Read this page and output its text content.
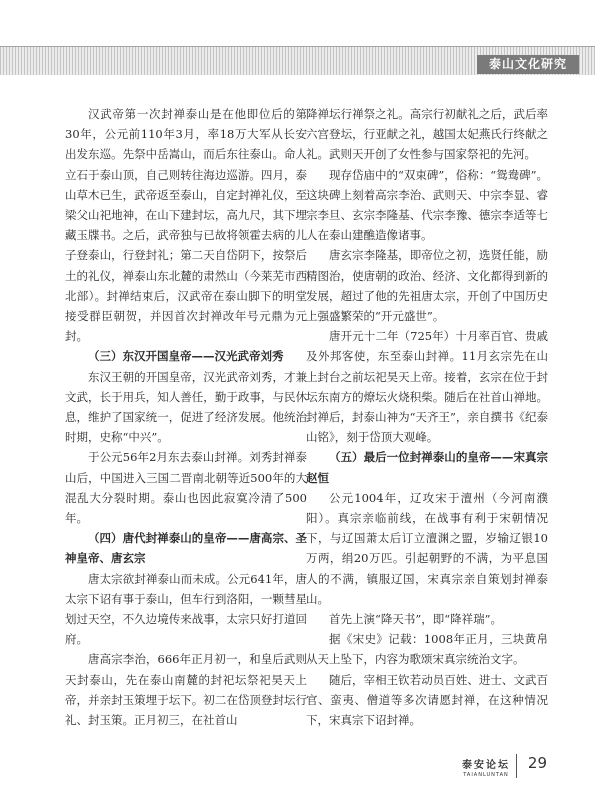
泰山文化研究

汉武帝第一次封禅泰山是在他即位后的第30年，公元前110年3月，率18万大军从长安出发东巡。先祭中岳嵩山，而后东往泰山。命人立石于泰山顶，自己则转往海边巡游。四月，泰山草木已生，武帝返至泰山，自定封禅礼仪，至梁父山祀地神，在山下建封坛，高九尺，其下埋藏玉牒书。之后，武帝独与已故将领霍去病的儿子登泰山，行登封礼；第二天自岱阴下，按祭后土的礼仪，禅泰山东北麓的肃然山（今莱芜市西北部）。封禅结束后，汉武帝在泰山脚下的明堂接受群臣朝贺，并因首次封禅改年号元鼎为元封。

（三）东汉开国皇帝——汉光武帝刘秀

东汉王朝的开国皇帝，汉光武帝刘秀，才兼文武，长于用兵，知人善任，勤于政事，与民休息，维护了国家统一，促进了经济发展。他统治时期，史称“中兴”。

于公元56年2月东去泰山封禅。刘秀封禅泰山后，中国进入三国二晋南北朝等近500年的大混乱大分裂时期。泰山也因此寂寞冷清了500年。

（四）唐代封禅泰山的皇帝——唐高宗、圣神皇帝、唐玄宗

唐太宗欲封禅泰山而未成。公元641年，唐太宗下诏有事于泰山，但车行到洛阳，一颗彗星划过天空，不久边境传来战事，太宗只好打道回府。

唐高宗李治，666年正月初一，和皇后武则天封泰山，先在泰山南麓的封祀坛祭祀昊天上帝，并亲封玉策埋于坛下。初二在岱顶登封坛行礼、封玉策。正月初三，在社首山

降禅坛行禅祭之礼。高宗行初献礼之后，武后率六宫登坛，行亚献之礼，越国太妃燕氏行终献之礼。武则天开创了女性参与国家祭祀的先河。

现存岱庙中的“双束碑”，俗称：“鸳鸯碑”。这块碑上刻着高宗李治、武则天、中宗李显、睿宗李旦、玄宗李隆基、代宗李豫、德宗李适等七人在泰山建醮造像诸事。

唐玄宗李隆基，即帝位之初，选贤任能，励精图治，使唐朝的政治、经济、文化都得到新的发展，超过了他的先祖唐太宗，开创了中国历史上强盛繁荣的“开元盛世”。

唐开元十二年（725年）十月率百官、贵戚及外邦客使，东至泰山封禅。11月玄宗先在山上封台之前坛祀昊天上帝。接着，玄宗在位于封坛东南方的燎坛火烧积柴。随后在社首山禅地。封禅后，封泰山神为“天齐王”，亲自撰书《纪泰山铭》，刻于岱顶大观峰。

（五）最后一位封禅泰山的皇帝——宋真宗赵恒

公元1004年，辽攻宋于澶州（今河南濮阳）。真宗亲临前线，在战事有利于宋朝情况下，与辽国萧太后订立澶渊之盟，岁输辽银10万两，绢20万匹。引起朝野的不满，为平息国人的不满，镇服辽国，宋真宗亲自策划封禅泰山。

首先上演“降天书”，即“降祥瑞”。

据《宋史》记载：1008年正月，三块黄帛从天上坠下，内容为歌颂宋真宗统治文字。

随后，宰相王钦若动员百姓、进士、文武百官、蛮夷、僧道等多次请愿封禅，在这种情况下，宋真宗下诏封禅。

泰安论坛
TAIANLUNTAN
29
